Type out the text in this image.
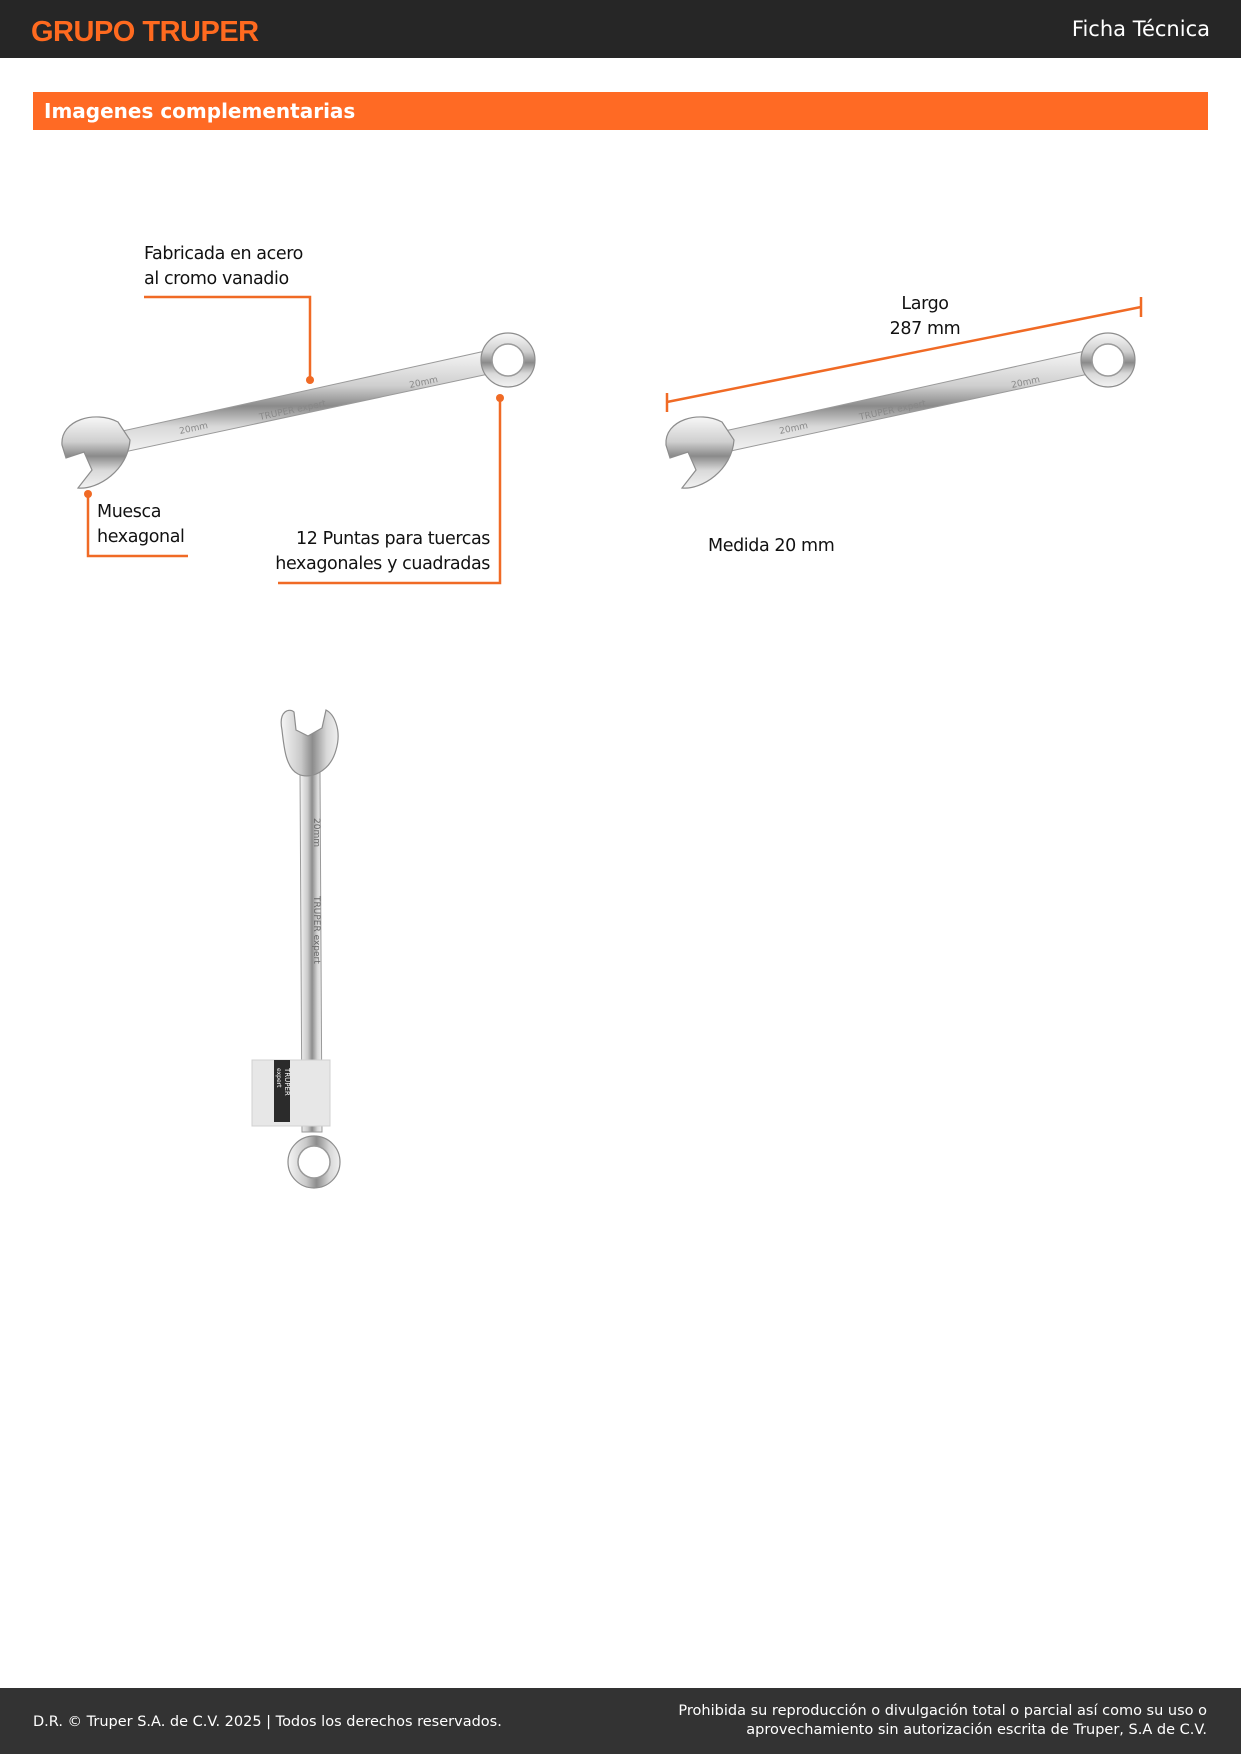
GRUPO TRUPER	Ficha Técnica
Imagenes complementarias
20mm
TRUPER expert
20mm
Fabricada en acero
al cromo vanadio
Muesca
hexagonal	12 Puntas para tuercas
hexagonales y cuadradas
20mm
TRUPER expert
20mm
Largo
287 mm
Medida 20 mm
20mm
TRUPER expert
TRUPER
expert
D.R. © Truper S.A. de C.V. 2025 | Todos los derechos reservados.
Prohibida su reproducción o divulgación total o parcial así como su uso o
aprovechamiento sin autorización escrita de Truper, S.A de C.V.
